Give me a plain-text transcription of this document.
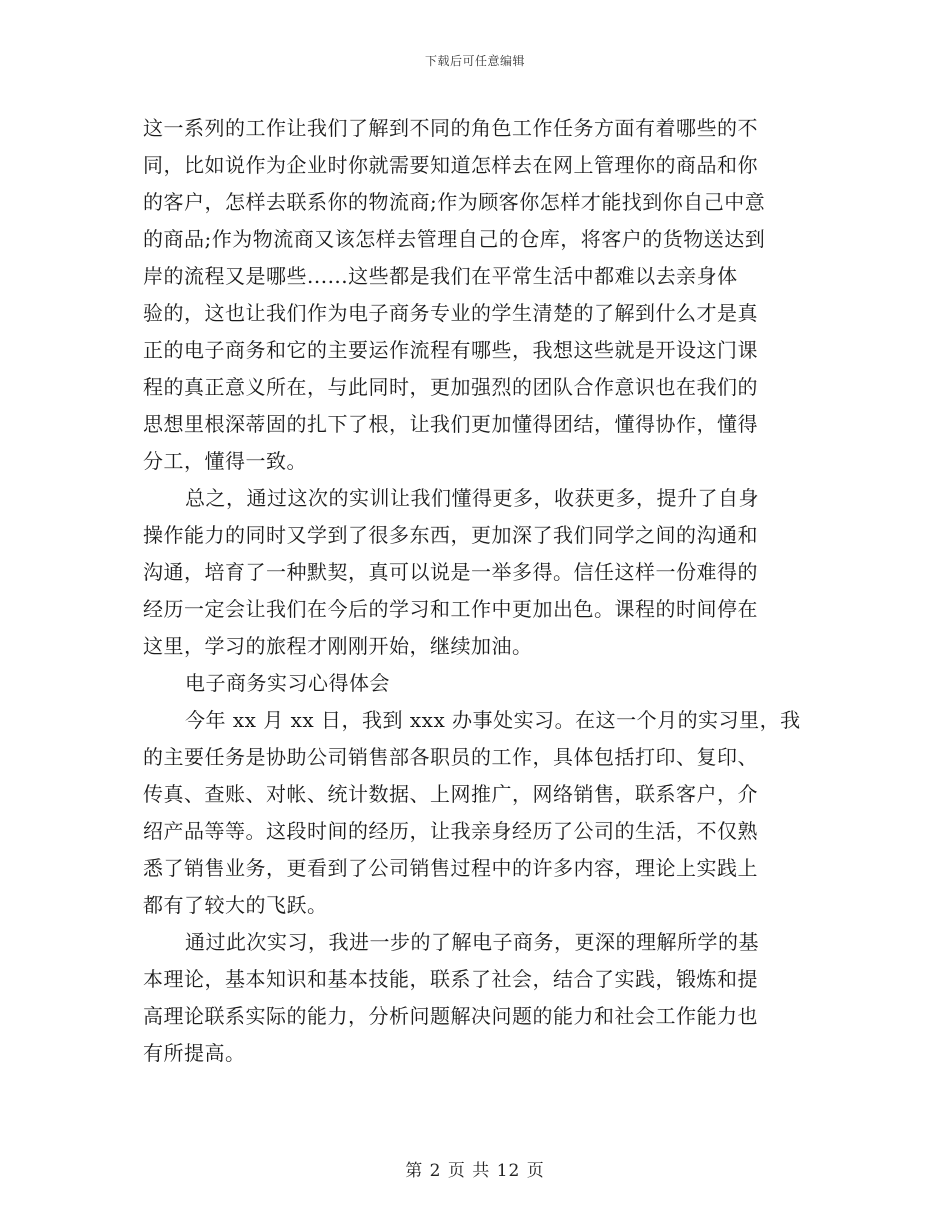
下载后可任意编辑

这一系列的工作让我们了解到不同的角色工作任务方面有着哪些的不
同，比如说作为企业时你就需要知道怎样去在网上管理你的商品和你
的客户，怎样去联系你的物流商;作为顾客你怎样才能找到你自己中意
的商品;作为物流商又该怎样去管理自己的仓库，将客户的货物送达到
岸的流程又是哪些......这些都是我们在平常生活中都难以去亲身体
验的，这也让我们作为电子商务专业的学生清楚的了解到什么才是真
正的电子商务和它的主要运作流程有哪些，我想这些就是开设这门课
程的真正意义所在，与此同时，更加强烈的团队合作意识也在我们的
思想里根深蒂固的扎下了根，让我们更加懂得团结，懂得协作，懂得
分工，懂得一致。

总之，通过这次的实训让我们懂得更多，收获更多，提升了自身
操作能力的同时又学到了很多东西，更加深了我们同学之间的沟通和
沟通，培育了一种默契，真可以说是一举多得。信任这样一份难得的
经历一定会让我们在今后的学习和工作中更加出色。课程的时间停在
这里，学习的旅程才刚刚开始，继续加油。

电子商务实习心得体会

今年 xx 月 xx 日，我到 xxx 办事处实习。在这一个月的实习里，我
的主要任务是协助公司销售部各职员的工作，具体包括打印、复印、
传真、查账、对帐、统计数据、上网推广，网络销售，联系客户，介
绍产品等等。这段时间的经历，让我亲身经历了公司的生活，不仅熟
悉了销售业务，更看到了公司销售过程中的许多内容，理论上实践上
都有了较大的飞跃。

通过此次实习，我进一步的了解电子商务，更深的理解所学的基
本理论，基本知识和基本技能，联系了社会，结合了实践，锻炼和提
高理论联系实际的能力，分析问题解决问题的能力和社会工作能力也
有所提高。

第 2 页 共 12 页
